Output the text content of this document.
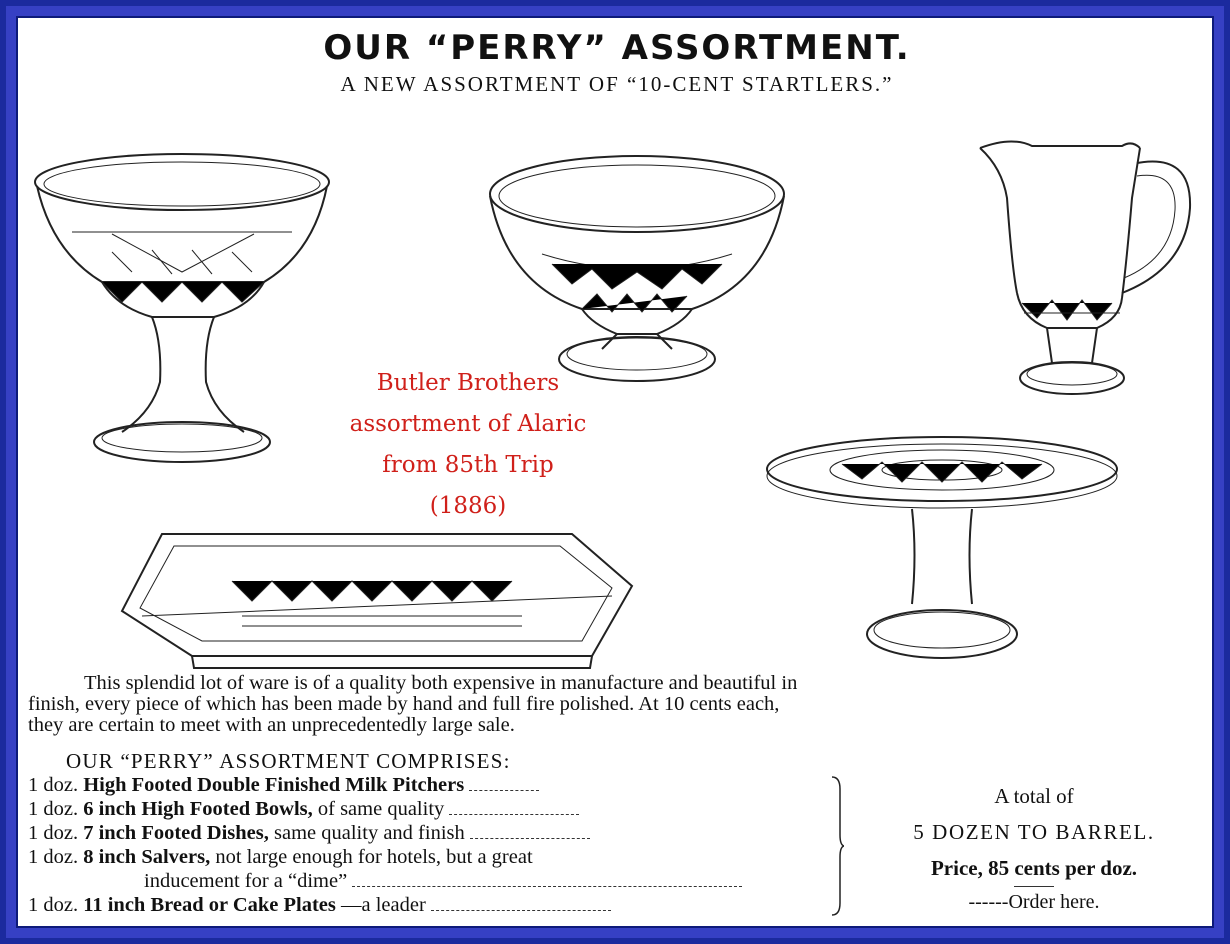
OUR “PERRY” ASSORTMENT.
A NEW ASSORTMENT OF “10-CENT STARTLERS.”
Butler Brothers
assortment of Alaric
from 85th Trip
(1886)
This splendid lot of ware is of a quality both expensive in manufacture and beautiful in
finish, every piece of which has been made by hand and full fire polished. At 10 cents each,
they are certain to meet with an unprecedentedly large sale.
OUR “PERRY” ASSORTMENT COMPRISES:
1 doz. High Footed Double Finished Milk Pitchers
1 doz. 6 inch High Footed Bowls, of same quality
1 doz. 7 inch Footed Dishes, same quality and finish
1 doz. 8 inch Salvers, not large enough for hotels, but a great
inducement for a “dime”
1 doz. 11 inch Bread or Cake Plates —a leader
A total of
5 DOZEN TO BARREL.
Price, 85 cents per doz.
------Order here.
